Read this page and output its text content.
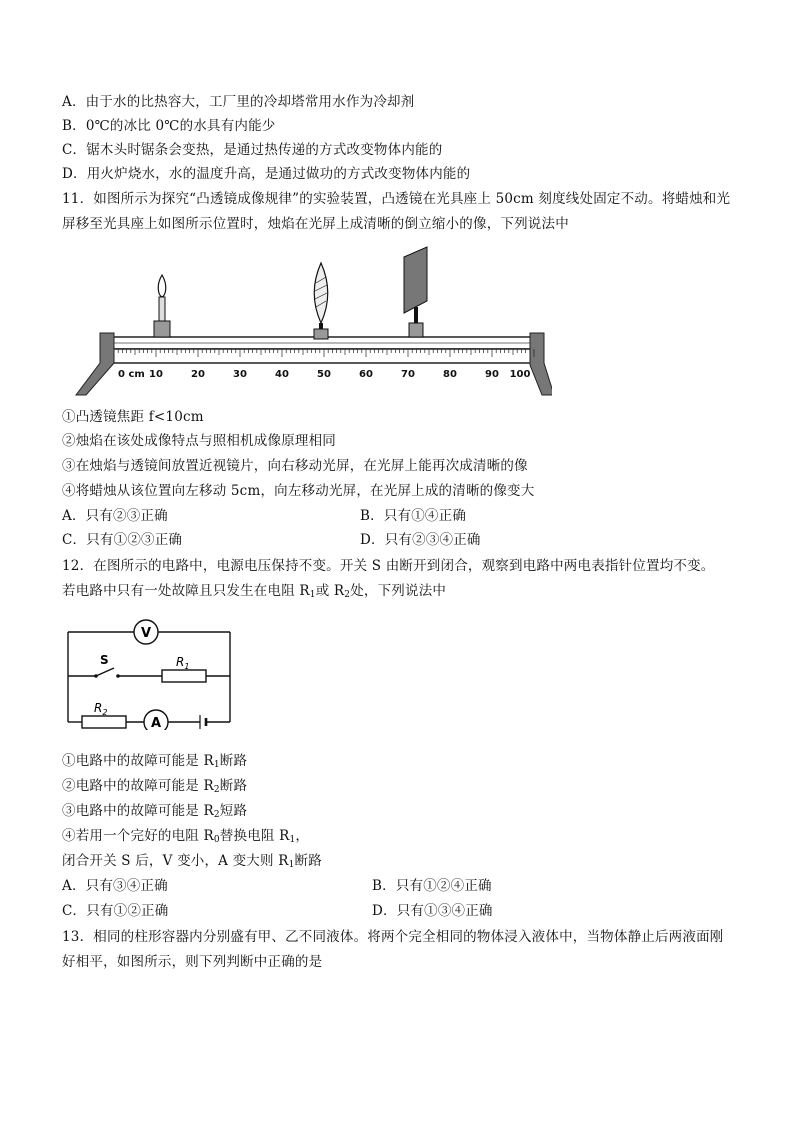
A．由于水的比热容大，工厂里的冷却塔常用水作为冷却剂
B．0℃的冰比 0℃的水具有内能少
C．锯木头时锯条会变热，是通过热传递的方式改变物体内能的
D．用火炉烧水，水的温度升高，是通过做功的方式改变物体内能的
11．如图所示为探究“凸透镜成像规律”的实验装置，凸透镜在光具座上 50cm 刻度线处固定不动。将蜡烛和光
屏移至光具座上如图所示位置时，烛焰在光屏上成清晰的倒立缩小的像，下列说法中
0 cm 10	20	30	40	50	60	70	80	90 100
①凸透镜焦距 f<10cm
②烛焰在该处成像特点与照相机成像原理相同
③在烛焰与透镜间放置近视镜片，向右移动光屏，在光屏上能再次成清晰的像
④将蜡烛从该位置向左移动 5cm，向左移动光屏，在光屏上成的清晰的像变大
A．只有②③正确	B．只有①④正确
C．只有①②③正确	D．只有②③④正确
12．在图所示的电路中，电源电压保持不变。开关 S 由断开到闭合，观察到电路中两电表指针位置均不变。
若电路中只有一处故障且只发生在电阻 $R_1$或 $R_2$处，下列说法中
V
S	$R_1$
$R_2$
A
①电路中的故障可能是 $R_1$断路
②电路中的故障可能是 $R_2$断路
③电路中的故障可能是 $R_2$短路
④若用一个完好的电阻 $R_0$替换电阻 $R_1$，
闭合开关 S 后，V 变小，A 变大则 $R_1$断路
A．只有③④正确	B．只有①②④正确
C．只有①②正确	D．只有①③④正确
13．相同的柱形容器内分别盛有甲、乙不同液体。将两个完全相同的物体浸入液体中，当物体静止后两液面刚
好相平，如图所示，则下列判断中正确的是
